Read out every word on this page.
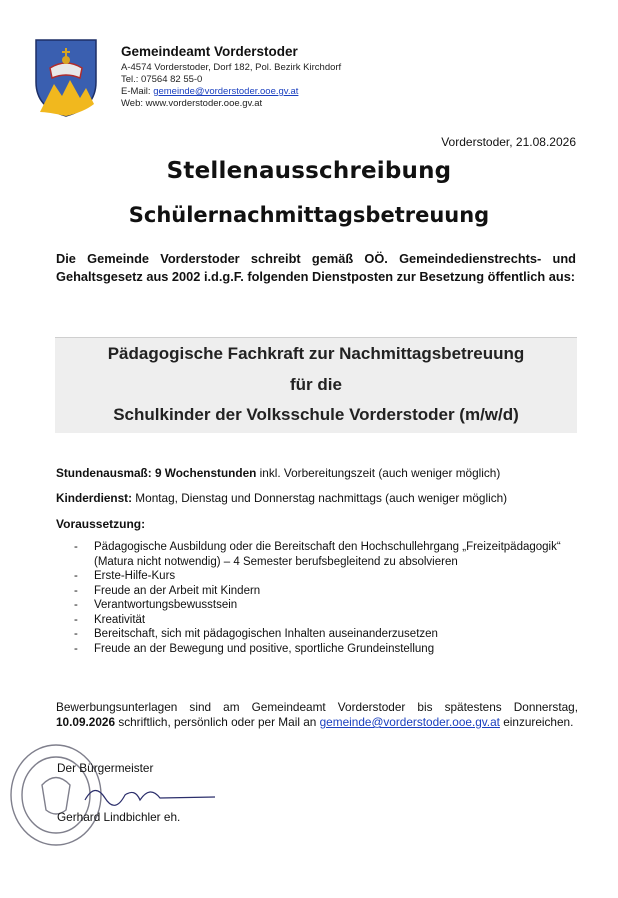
Gemeindeamt Vorderstoder
A-4574 Vorderstoder, Dorf 182, Pol. Bezirk Kirchdorf
Tel.: 07564 82 55-0
E-Mail: gemeinde@vorderstoder.ooe.gv.at
Web: www.vorderstoder.ooe.gv.at
Vorderstoder, 21.08.2026
Stellenausschreibung
Schülernachmittagsbetreuung
Die Gemeinde Vorderstoder schreibt gemäß OÖ. Gemeindedienstrechts- und Gehaltsgesetz aus 2002 i.d.g.F. folgenden Dienstposten zur Besetzung öffentlich aus:
Pädagogische Fachkraft zur Nachmittagsbetreuung
für die
Schulkinder der Volksschule Vorderstoder (m/w/d)
Stundenausmaß: 9 Wochenstunden inkl. Vorbereitungszeit (auch weniger möglich)
Kinderdienst: Montag, Dienstag und Donnerstag nachmittags (auch weniger möglich)
Voraussetzung:
- Pädagogische Ausbildung oder die Bereitschaft den Hochschullehrgang „Freizeitpädagogik“ (Matura nicht notwendig) – 4 Semester berufsbegleitend zu absolvieren
- Erste-Hilfe-Kurs
- Freude an der Arbeit mit Kindern
- Verantwortungsbewusstsein
- Kreativität
- Bereitschaft, sich mit pädagogischen Inhalten auseinanderzusetzen
- Freude an der Bewegung und positive, sportliche Grundeinstellung
Bewerbungsunterlagen sind am Gemeindeamt Vorderstoder bis spätestens Donnerstag, 10.09.2026 schriftlich, persönlich oder per Mail an gemeinde@vorderstoder.ooe.gv.at einzureichen.
Der Bürgermeister
Gerhard Lindbichler eh.
